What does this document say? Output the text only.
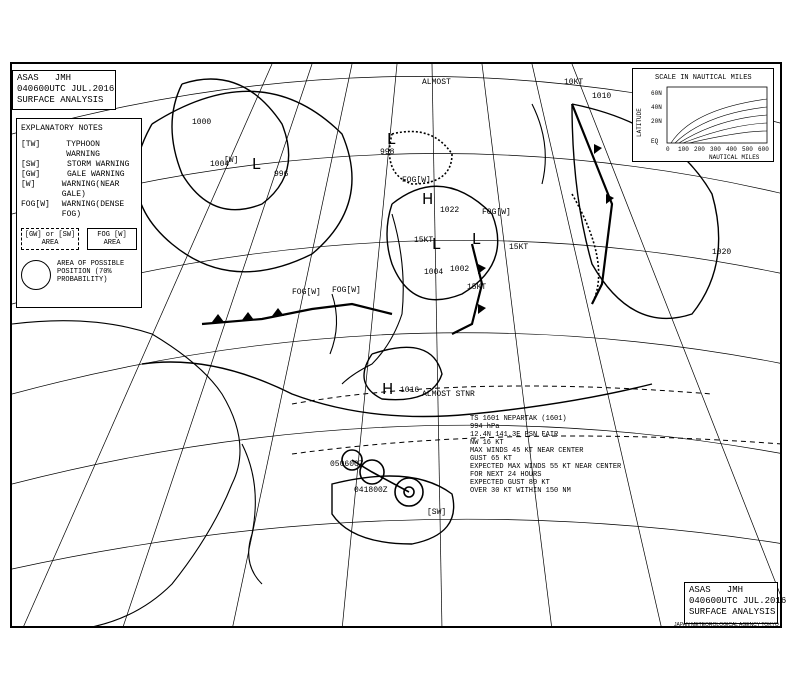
L
L
L L
H
H
996
998
1004 1002
1016
1022
ALMOST STNR
ALMOST
FOG[W]
FOG[W]
FOG[W] FOG[W]
15KT
15KT
10KT
15KT
[W]
[SW]
1000
1004
1020
1010
050600Z
041800Z
TS 1601 NEPARTAK (1601)
994 hPa
12.4N 141.3E PSN FAIR
NW 16 KT
MAX WINDS 45 KT NEAR CENTER
GUST 65 KT
EXPECTED MAX WINDS 55 KT NEAR CENTER
FOR NEXT 24 HOURS
EXPECTED GUST 80 KT
OVER 30 KT WITHIN 150 NM
ASAS   JMH
040600UTC JUL.2016
SURFACE ANALYSIS
EXPLANATORY NOTES
[TW]	TYPHOON WARNING
[SW]	STORM WARNING
[GW]	GALE WARNING
[W]	WARNING(NEAR GALE)
FOG[W]	WARNING(DENSE FOG)
[GW] or [SW]
AREA
FOG [W]
AREA
AREA OF POSSIBLE POSITION (70% PROBABILITY)
SCALE IN NAUTICAL MILES
LATITUDE
60N
40N
20N
EQ
0 100 200 300 400 500 600
NAUTICAL MILES
ASAS   JMH
040600UTC JUL.2016
SURFACE ANALYSIS
JAPAN METEOROLOGICAL AGENCY TOKYO
